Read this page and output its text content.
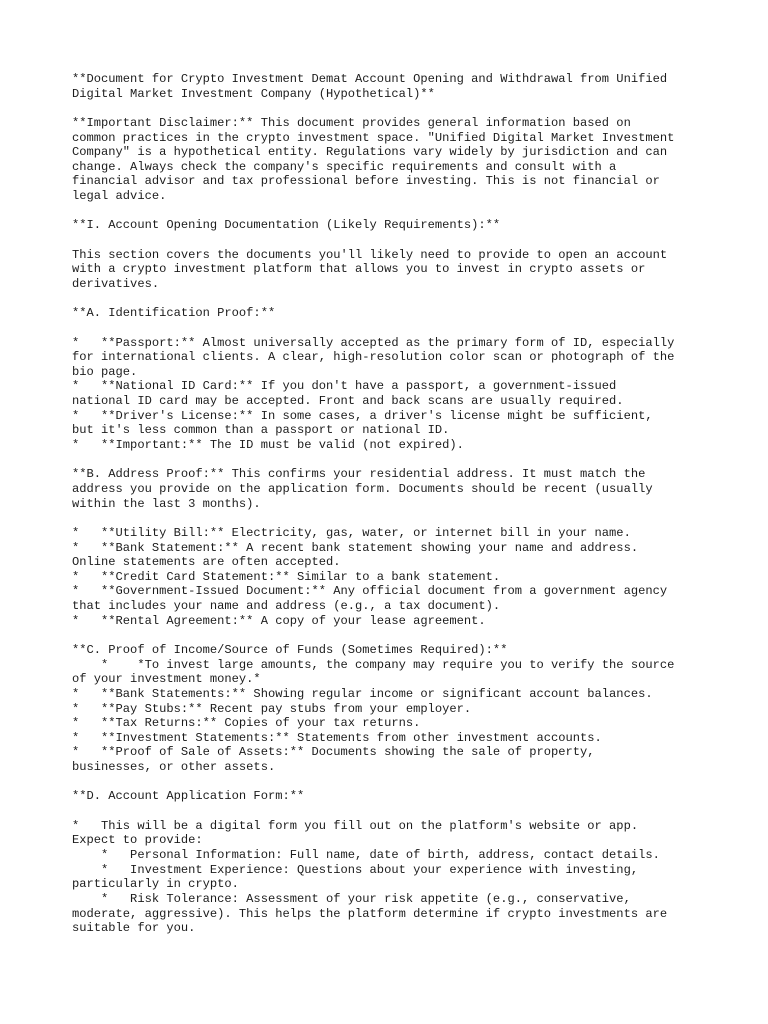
**Document for Crypto Investment Demat Account Opening and Withdrawal from Unified
Digital Market Investment Company (Hypothetical)**
**Important Disclaimer:** This document provides general information based on
common practices in the crypto investment space. "Unified Digital Market Investment
Company" is a hypothetical entity. Regulations vary widely by jurisdiction and can
change. Always check the company's specific requirements and consult with a
financial advisor and tax professional before investing. This is not financial or
legal advice.
**I. Account Opening Documentation (Likely Requirements):**
This section covers the documents you'll likely need to provide to open an account
with a crypto investment platform that allows you to invest in crypto assets or
derivatives.
**A. Identification Proof:**
*   **Passport:** Almost universally accepted as the primary form of ID, especially
for international clients. A clear, high-resolution color scan or photograph of the
bio page.
*   **National ID Card:** If you don't have a passport, a government-issued
national ID card may be accepted. Front and back scans are usually required.
*   **Driver's License:** In some cases, a driver's license might be sufficient,
but it's less common than a passport or national ID.
*   **Important:** The ID must be valid (not expired).
**B. Address Proof:** This confirms your residential address. It must match the
address you provide on the application form. Documents should be recent (usually
within the last 3 months).
*   **Utility Bill:** Electricity, gas, water, or internet bill in your name.
*   **Bank Statement:** A recent bank statement showing your name and address.
Online statements are often accepted.
*   **Credit Card Statement:** Similar to a bank statement.
*   **Government-Issued Document:** Any official document from a government agency
that includes your name and address (e.g., a tax document).
*   **Rental Agreement:** A copy of your lease agreement.
**C. Proof of Income/Source of Funds (Sometimes Required):**
*    *To invest large amounts, the company may require you to verify the source
of your investment money.*
*   **Bank Statements:** Showing regular income or significant account balances.
*   **Pay Stubs:** Recent pay stubs from your employer.
*   **Tax Returns:** Copies of your tax returns.
*   **Investment Statements:** Statements from other investment accounts.
*   **Proof of Sale of Assets:** Documents showing the sale of property,
businesses, or other assets.
**D. Account Application Form:**
*   This will be a digital form you fill out on the platform's website or app.
Expect to provide:
*   Personal Information: Full name, date of birth, address, contact details.
*   Investment Experience: Questions about your experience with investing,
particularly in crypto.
*   Risk Tolerance: Assessment of your risk appetite (e.g., conservative,
moderate, aggressive). This helps the platform determine if crypto investments are
suitable for you.
